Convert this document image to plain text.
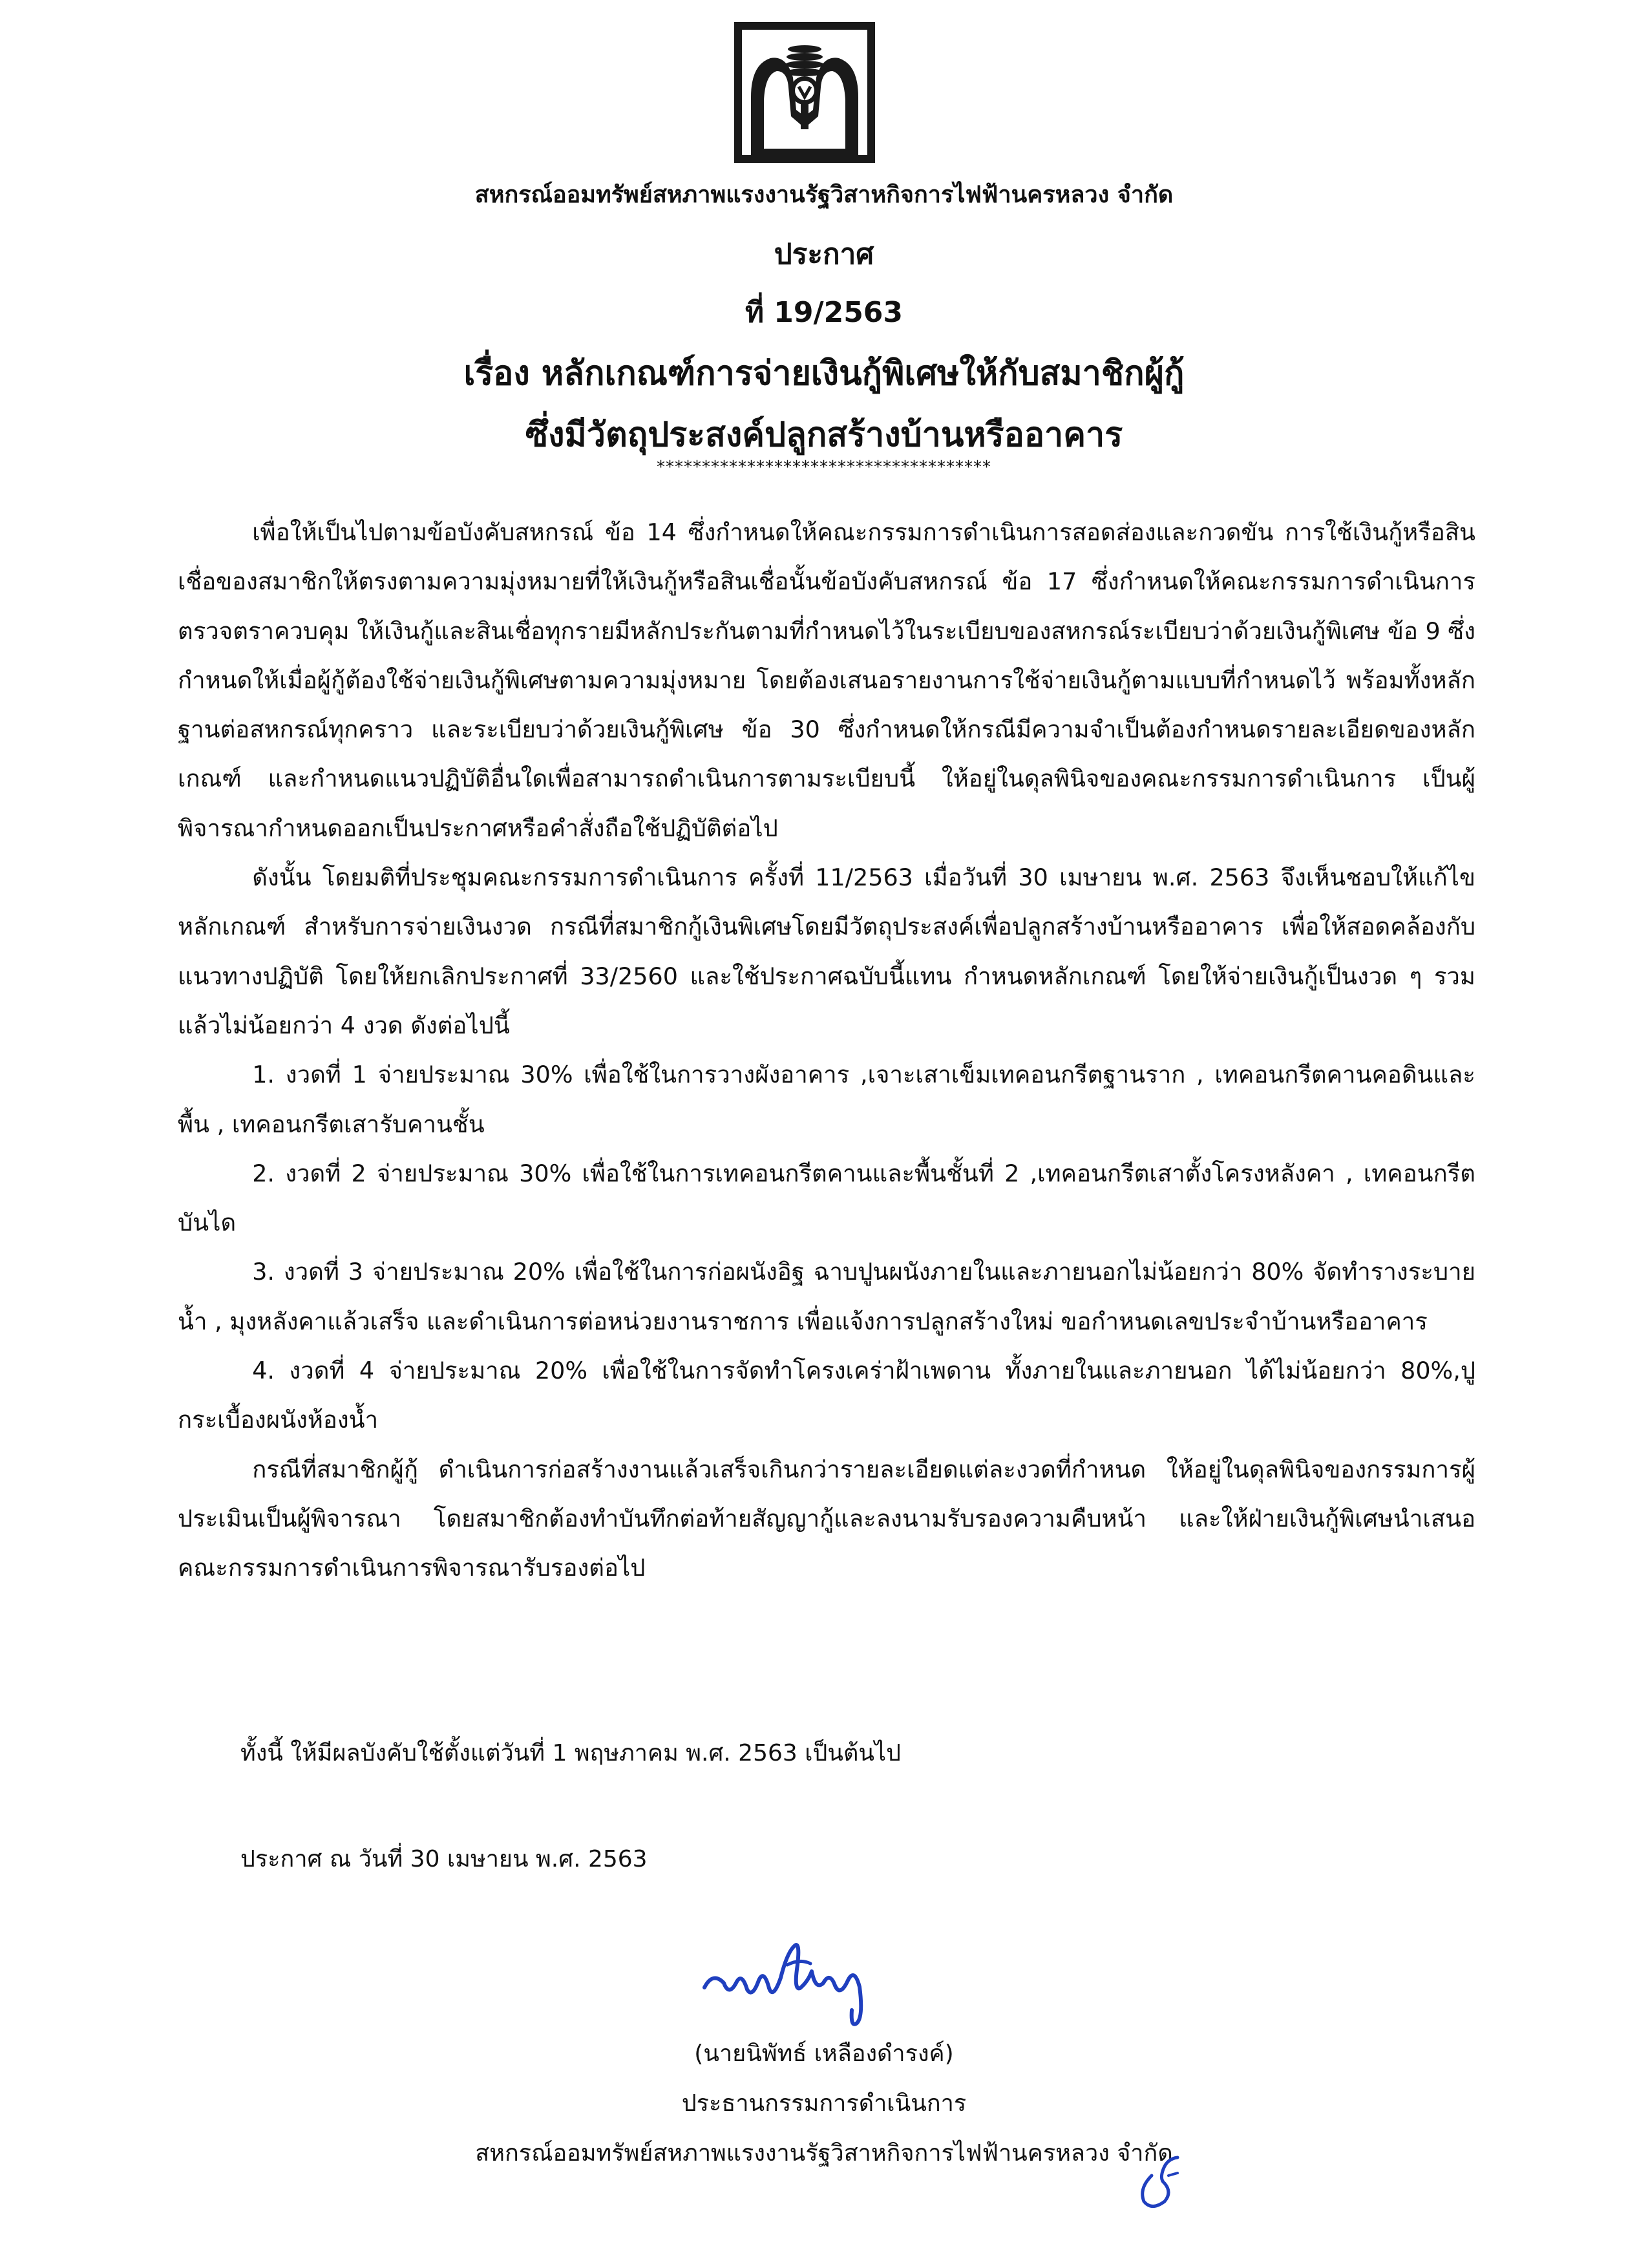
สหกรณ์ออมทรัพย์สหภาพแรงงานรัฐวิสาหกิจการไฟฟ้านครหลวง จำกัด
ประกาศ
ที่ 19/2563
เรื่อง หลักเกณฑ์การจ่ายเงินกู้พิเศษให้กับสมาชิกผู้กู้
ซึ่งมีวัตถุประสงค์ปลูกสร้างบ้านหรืออาคาร
*************************************

เพื่อให้เป็นไปตามข้อบังคับสหกรณ์ ข้อ 14 ซึ่งกำหนดให้คณะกรรมการดำเนินการสอดส่องและกวดขัน การใช้เงินกู้หรือสินเชื่อของสมาชิกให้ตรงตามความมุ่งหมายที่ให้เงินกู้หรือสินเชื่อนั้นข้อบังคับสหกรณ์ ข้อ 17 ซึ่งกำหนดให้คณะกรรมการดำเนินการตรวจตราควบคุม ให้เงินกู้และสินเชื่อทุกรายมีหลักประกันตามที่กำหนดไว้ในระเบียบของสหกรณ์ระเบียบว่าด้วยเงินกู้พิเศษ ข้อ 9 ซึ่งกำหนดให้เมื่อผู้กู้ต้องใช้จ่ายเงินกู้พิเศษตามความมุ่งหมาย โดยต้องเสนอรายงานการใช้จ่ายเงินกู้ตามแบบที่กำหนดไว้ พร้อมทั้งหลักฐานต่อสหกรณ์ทุกคราว และระเบียบว่าด้วยเงินกู้พิเศษ ข้อ 30 ซึ่งกำหนดให้กรณีมีความจำเป็นต้องกำหนดรายละเอียดของหลักเกณฑ์ และกำหนดแนวปฏิบัติอื่นใดเพื่อสามารถดำเนินการตามระเบียบนี้ ให้อยู่ในดุลพินิจของคณะกรรมการดำเนินการ เป็นผู้พิจารณากำหนดออกเป็นประกาศหรือคำสั่งถือใช้ปฏิบัติต่อไป

ดังนั้น โดยมติที่ประชุมคณะกรรมการดำเนินการ ครั้งที่ 11/2563 เมื่อวันที่ 30 เมษายน พ.ศ. 2563 จึงเห็นชอบให้แก้ไขหลักเกณฑ์ สำหรับการจ่ายเงินงวด กรณีที่สมาชิกกู้เงินพิเศษโดยมีวัตถุประสงค์เพื่อปลูกสร้างบ้านหรืออาคาร เพื่อให้สอดคล้องกับแนวทางปฏิบัติ โดยให้ยกเลิกประกาศที่ 33/2560 และใช้ประกาศฉบับนี้แทน กำหนดหลักเกณฑ์ โดยให้จ่ายเงินกู้เป็นงวด ๆ รวมแล้วไม่น้อยกว่า 4 งวด ดังต่อไปนี้

1. งวดที่ 1 จ่ายประมาณ 30% เพื่อใช้ในการวางผังอาคาร ,เจาะเสาเข็มเทคอนกรีตฐานราก , เทคอนกรีตคานคอดินและพื้น , เทคอนกรีตเสารับคานชั้น

2. งวดที่ 2 จ่ายประมาณ 30% เพื่อใช้ในการเทคอนกรีตคานและพื้นชั้นที่ 2 ,เทคอนกรีตเสาตั้งโครงหลังคา , เทคอนกรีตบันได

3. งวดที่ 3 จ่ายประมาณ 20% เพื่อใช้ในการก่อผนังอิฐ ฉาบปูนผนังภายในและภายนอกไม่น้อยกว่า 80% จัดทำรางระบายน้ำ , มุงหลังคาแล้วเสร็จ และดำเนินการต่อหน่วยงานราชการ เพื่อแจ้งการปลูกสร้างใหม่ ขอกำหนดเลขประจำบ้านหรืออาคาร

4. งวดที่ 4 จ่ายประมาณ 20% เพื่อใช้ในการจัดทำโครงเคร่าฝ้าเพดาน ทั้งภายในและภายนอก ได้ไม่น้อยกว่า 80%,ปูกระเบื้องผนังห้องน้ำ

กรณีที่สมาชิกผู้กู้ ดำเนินการก่อสร้างงานแล้วเสร็จเกินกว่ารายละเอียดแต่ละงวดที่กำหนด ให้อยู่ในดุลพินิจของกรรมการผู้ประเมินเป็นผู้พิจารณา โดยสมาชิกต้องทำบันทึกต่อท้ายสัญญากู้และลงนามรับรองความคืบหน้า และให้ฝ่ายเงินกู้พิเศษนำเสนอคณะกรรมการดำเนินการพิจารณารับรองต่อไป

ทั้งนี้ ให้มีผลบังคับใช้ตั้งแต่วันที่ 1 พฤษภาคม พ.ศ. 2563 เป็นต้นไป
ประกาศ ณ วันที่ 30 เมษายน พ.ศ. 2563
(นายนิพัทธ์ เหลืองดำรงค์)
ประธานกรรมการดำเนินการ
สหกรณ์ออมทรัพย์สหภาพแรงงานรัฐวิสาหกิจการไฟฟ้านครหลวง จำกัด
